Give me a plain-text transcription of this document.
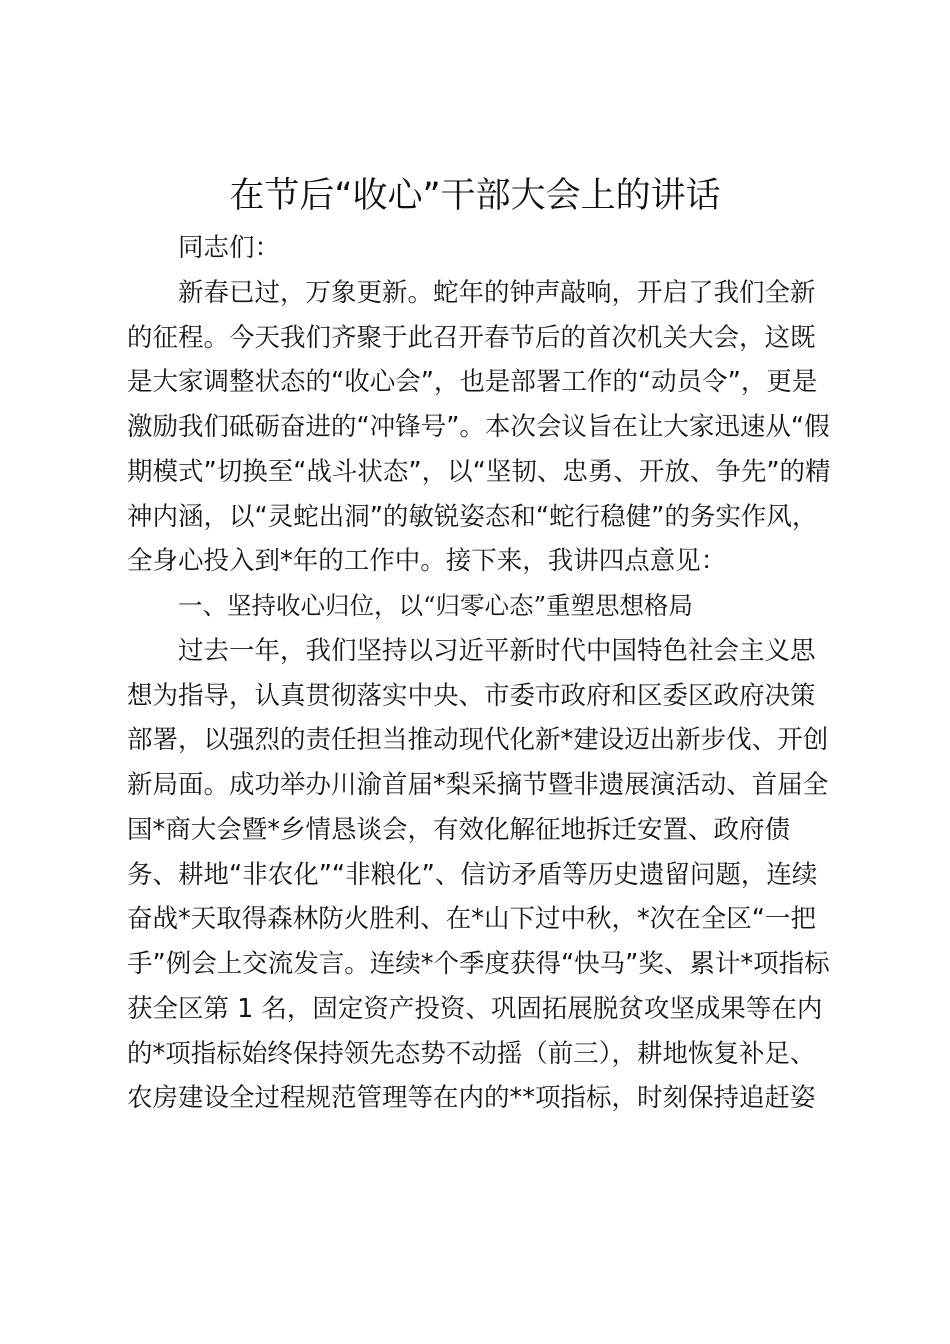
在节后“收心”干部大会上的讲话
同志们：
新春已过，万象更新。蛇年的钟声敲响，开启了我们全新
的征程。今天我们齐聚于此召开春节后的首次机关大会，这既
是大家调整状态的“收心会”，也是部署工作的“动员令”，更是
激励我们砥砺奋进的“冲锋号”。本次会议旨在让大家迅速从“假
期模式”切换至“战斗状态”，以“坚韧、忠勇、开放、争先”的精
神内涵，以“灵蛇出洞”的敏锐姿态和“蛇行稳健”的务实作风，
全身心投入到*年的工作中。接下来，我讲四点意见：
一、坚持收心归位，以“归零心态”重塑思想格局
过去一年，我们坚持以习近平新时代中国特色社会主义思
想为指导，认真贯彻落实中央、市委市政府和区委区政府决策
部署，以强烈的责任担当推动现代化新*建设迈出新步伐、开创
新局面。成功举办川渝首届*梨采摘节暨非遗展演活动、首届全
国*商大会暨*乡情恳谈会，有效化解征地拆迁安置、政府债
务、耕地“非农化”“非粮化”、信访矛盾等历史遗留问题，连续
奋战*天取得森林防火胜利、在*山下过中秋，*次在全区“一把
手”例会上交流发言。连续*个季度获得“快马”奖、累计*项指标
获全区第 1 名，固定资产投资、巩固拓展脱贫攻坚成果等在内
的*项指标始终保持领先态势不动摇（前三），耕地恢复补足、
农房建设全过程规范管理等在内的**项指标，时刻保持追赶姿
